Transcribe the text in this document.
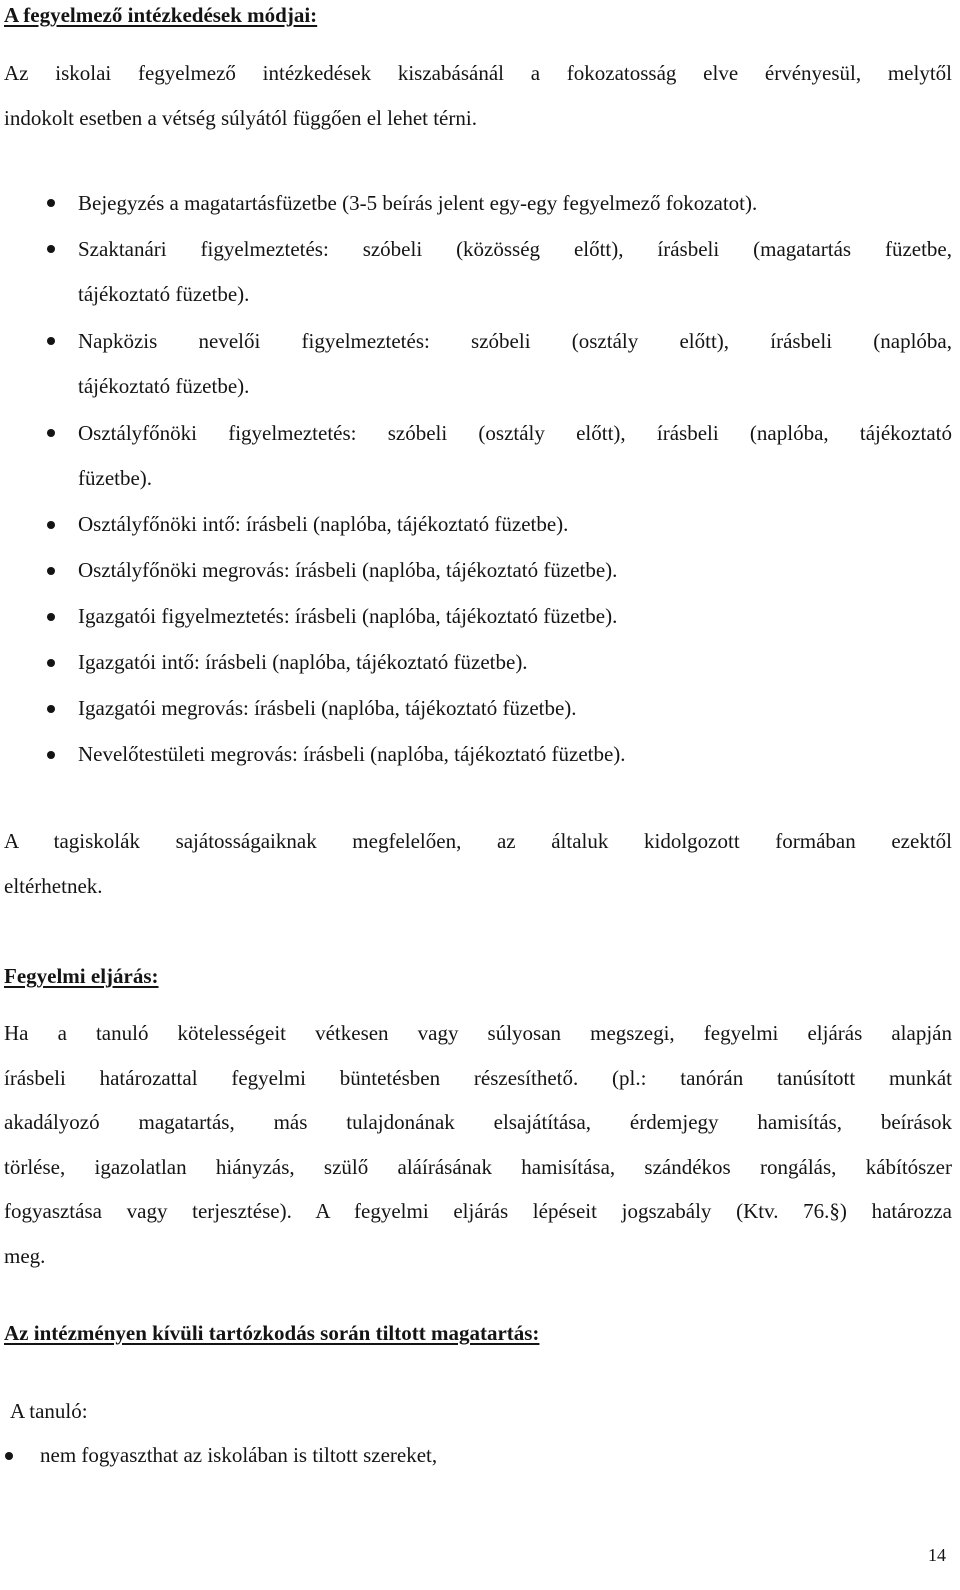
A fegyelmező intézkedések módjai:
Az iskolai fegyelmező intézkedések kiszabásánál a fokozatosság elve érvényesül, melytől
indokolt esetben a vétség súlyától függően el lehet térni.
Bejegyzés a magatartásfüzetbe (3-5 beírás jelent egy-egy fegyelmező fokozatot).
Szaktanári figyelmeztetés: szóbeli (közösség előtt), írásbeli (magatartás füzetbe,
tájékoztató füzetbe).
Napközis nevelői figyelmeztetés: szóbeli (osztály előtt), írásbeli (naplóba,
tájékoztató füzetbe).
Osztályfőnöki figyelmeztetés: szóbeli (osztály előtt), írásbeli (naplóba, tájékoztató
füzetbe).
Osztályfőnöki intő: írásbeli (naplóba, tájékoztató füzetbe).
Osztályfőnöki megrovás: írásbeli (naplóba, tájékoztató füzetbe).
Igazgatói figyelmeztetés: írásbeli (naplóba, tájékoztató füzetbe).
Igazgatói intő: írásbeli (naplóba, tájékoztató füzetbe).
Igazgatói megrovás: írásbeli (naplóba, tájékoztató füzetbe).
Nevelőtestületi megrovás: írásbeli (naplóba, tájékoztató füzetbe).
A tagiskolák sajátosságaiknak megfelelően, az általuk kidolgozott formában ezektől
eltérhetnek.
Fegyelmi eljárás:
Ha a tanuló kötelességeit vétkesen vagy súlyosan megszegi, fegyelmi eljárás alapján
írásbeli határozattal fegyelmi büntetésben részesíthető. (pl.: tanórán tanúsított munkát
akadályozó magatartás, más tulajdonának elsajátítása, érdemjegy hamisítás, beírások
törlése, igazolatlan hiányzás, szülő aláírásának hamisítása, szándékos rongálás, kábítószer
fogyasztása vagy terjesztése). A fegyelmi eljárás lépéseit jogszabály (Ktv. 76.§) határozza
meg.
Az intézményen kívüli tartózkodás során tiltott magatartás:
A tanuló:
nem fogyaszthat az iskolában is tiltott szereket,
14
